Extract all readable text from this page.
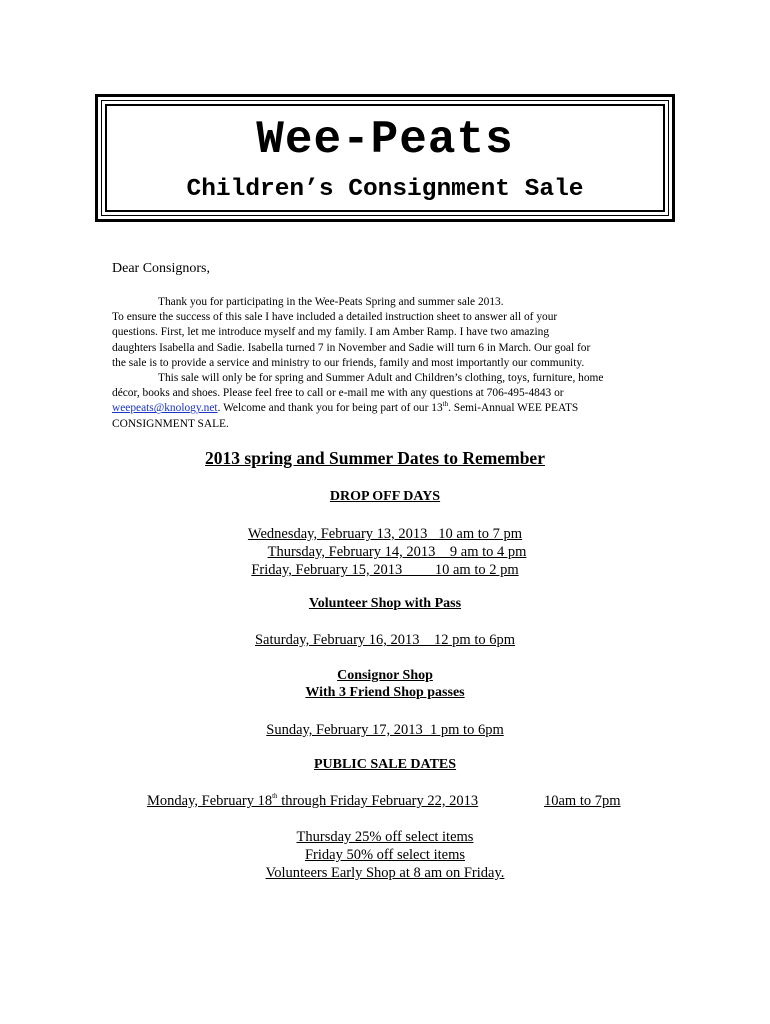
Wee-Peats
Children’s Consignment Sale
Dear Consignors,
Thank you for participating in the Wee-Peats Spring and summer sale 2013.
To ensure the success of this sale I have included a detailed instruction sheet to answer all of your
questions. First, let me introduce myself and my family. I am Amber Ramp. I have two amazing
daughters Isabella and Sadie. Isabella turned 7 in November and Sadie will turn 6 in March. Our goal for
the sale is to provide a service and ministry to our friends, family and most importantly our community.
This sale will only be for spring and Summer Adult and Children’s clothing, toys, furniture, home
décor, books and shoes. Please feel free to call or e-mail me with any questions at 706-495-4843 or
weepeats@knology.net. Welcome and thank you for being part of our 13th. Semi-Annual WEE PEATS
CONSIGNMENT SALE.
2013 spring and Summer Dates to Remember
DROP OFF DAYS
Wednesday, February 13, 2013   10 am to 7 pm
Thursday, February 14, 2013    9 am to 4 pm
Friday, February 15, 2013         10 am to 2 pm
Volunteer Shop with Pass
Saturday, February 16, 2013    12 pm to 6pm
Consignor Shop
With 3 Friend Shop passes
Sunday, February 17, 2013  1 pm to 6pm
PUBLIC SALE DATES
Monday, February 18th through Friday February 22, 2013	10am to 7pm
Thursday 25% off select items
Friday 50% off select items
Volunteers Early Shop at 8 am on Friday.
